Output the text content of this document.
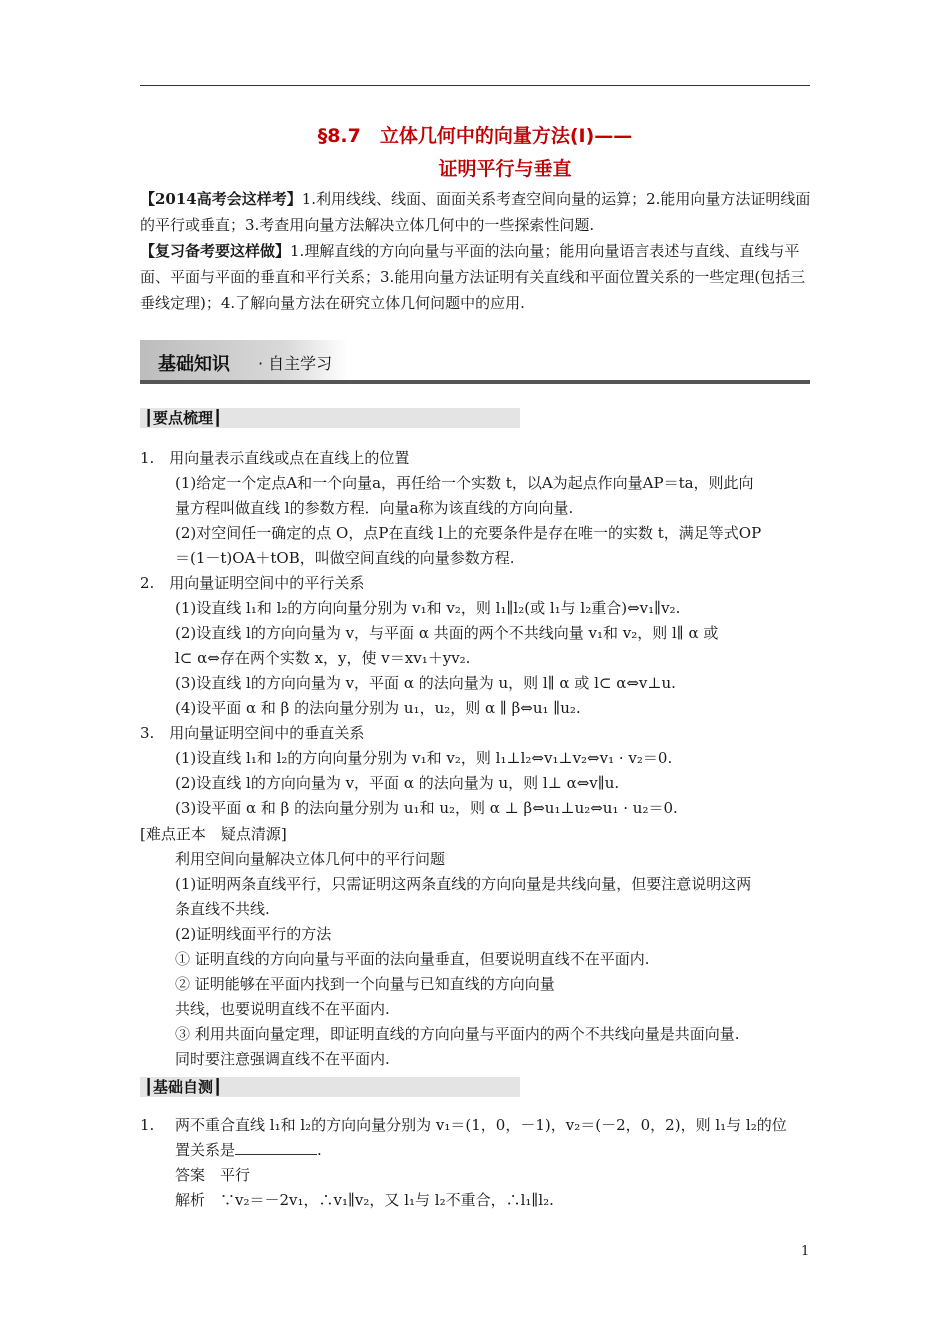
§8.7　立体几何中的向量方法(Ⅰ)——
证明平行与垂直
【2014高考会这样考】1.利用线线、线面、面面关系考查空间向量的运算；2.能用向量方法证明线面的平行或垂直；3.考查用向量方法解决立体几何中的一些探索性问题.
【复习备考要这样做】1.理解直线的方向向量与平面的法向量；能用向量语言表述与直线、直线与平面、平面与平面的垂直和平行关系；3.能用向量方法证明有关直线和平面位置关系的一些定理(包括三垂线定理)；4.了解向量方法在研究立体几何问题中的应用.
基础知识 · 自主学习
┃要点梳理┃
1.　用向量表示直线或点在直线上的位置
(1)给定一个定点A和一个向量a，再任给一个实数 t，以A为起点作向量AP＝ta，则此向
量方程叫做直线 l的参数方程．向量a称为该直线的方向向量.
(2)对空间任一确定的点 O，点P在直线 l上的充要条件是存在唯一的实数 t，满足等式OP
＝(1－t)OA＋tOB，叫做空间直线的向量参数方程.
2.　用向量证明空间中的平行关系
(1)设直线 l₁和 l₂的方向向量分别为 v₁和 v₂，则 l₁∥l₂(或 l₁与 l₂重合)⇔v₁∥v₂.
(2)设直线 l的方向向量为 v，与平面 α 共面的两个不共线向量 v₁和 v₂，则 l∥ α 或
l⊂ α⇔存在两个实数 x，y，使 v＝xv₁＋yv₂.
(3)设直线 l的方向向量为 v，平面 α 的法向量为 u，则 l∥ α 或 l⊂ α⇔v⊥u.
(4)设平面 α 和 β 的法向量分别为 u₁，u₂，则 α ∥ β⇔u₁ ∥u₂.
3.　用向量证明空间中的垂直关系
(1)设直线 l₁和 l₂的方向向量分别为 v₁和 v₂，则 l₁⊥l₂⇔v₁⊥v₂⇔v₁ · v₂＝0.
(2)设直线 l的方向向量为 v，平面 α 的法向量为 u，则 l⊥ α⇔v∥u.
(3)设平面 α 和 β 的法向量分别为 u₁和 u₂，则 α ⊥ β⇔u₁⊥u₂⇔u₁ · u₂＝0.
[难点正本　疑点清源]
利用空间向量解决立体几何中的平行问题
(1)证明两条直线平行，只需证明这两条直线的方向向量是共线向量，但要注意说明这两
条直线不共线.
(2)证明线面平行的方法
① 证明直线的方向向量与平面的法向量垂直，但要说明直线不在平面内.
② 证明能够在平面内找到一个向量与已知直线的方向向量
共线，也要说明直线不在平面内.
③ 利用共面向量定理，即证明直线的方向向量与平面内的两个不共线向量是共面向量.
同时要注意强调直线不在平面内.
┃基础自测┃
1. 两不重合直线 l₁和 l₂的方向向量分别为 v₁＝(1，0，－1)，v₂＝(－2，0，2)，则 l₁与 l₂的位
置关系是	.
答案　平行
解析　∵v₂＝－2v₁，∴v₁∥v₂，又 l₁与 l₂不重合，∴l₁∥l₂.
1
